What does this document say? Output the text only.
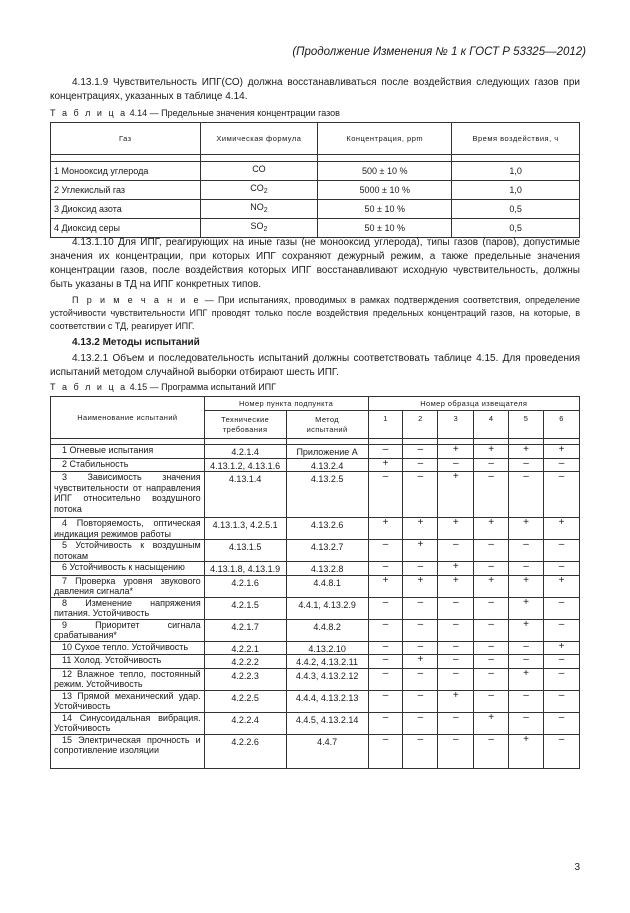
(Продолжение Изменения № 1 к ГОСТ Р 53325—2012)
4.13.1.9 Чувствительность ИПГ(СО) должна восстанавливаться после воздействия следующих газов при концентрациях, указанных в таблице 4.14.
Т а б л и ц а 4.14 — Предельные значения концентрации газов
Газ	Химическая формула	Концентрация, ppm	Время воздействия, ч

1 Монооксид углерода	CO	500 ± 10 %	1,0
2 Углекислый газ	$CO_2$	5000 ± 10 %	1,0
3 Диоксид азота	$NO_2$	50 ± 10 %	0,5
4 Диоксид серы	$SO_2$	50 ± 10 %	0,5
4.13.1.10 Для ИПГ, реагирующих на иные газы (не монооксид углерода), типы газов (паров), допустимые значения их концентрации, при которых ИПГ сохраняют дежурный режим, а также предельные значения концентрации газов, после воздействия которых ИПГ восстанавливают исходную чувствительность, должны быть указаны в ТД на ИПГ конкретных типов.
П р и м е ч а н и е — При испытаниях, проводимых в рамках подтверждения соответствия, определение устойчивости чувствительности ИПГ проводят только после воздействия предельных концентраций газов, на которые, в соответствии с ТД, реагирует ИПГ.
4.13.2 Методы испытаний
4.13.2.1 Объем и последовательность испытаний должны соответствовать таблице 4.15. Для проведения испытаний методом случайной выборки отбирают шесть ИПГ.
Т а б л и ц а 4.15 — Программа испытаний ИПГ
Наименование испытаний	Номер пункта подпункта		Номер образца извещателя					
	Технические требования	Метод испытаний	1	2	3	4	5	6

1 Огневые испытания	4.2.1.4	Приложение А	–	–	+	+	+	+
2 Стабильность	4.13.1.2, 4.13.1.6	4.13.2.4	+	–	–	–	–	–
3 Зависимость значения чувствительности от направления ИПГ относительно воздушного потока	4.13.1.4	4.13.2.5	–	–	+	–	–	–
4 Повторяемость, оптическая индикация режимов работы	4.13.1.3, 4.2.5.1	4.13.2.6	+	+	+	+	+	+
5 Устойчивость к воздушным потокам	4.13.1.5	4.13.2.7	–	+	–	–	–	–
6 Устойчивость к насыщению	4.13.1.8, 4.13.1.9	4.13.2.8	–	–	+	–	–	–
7 Проверка уровня звукового давления сигнала*	4.2.1.6	4.4.8.1	+	+	+	+	+	+
8 Изменение напряжения питания. Устойчивость	4.2.1.5	4.4.1, 4.13.2.9	–	–	–	–	+	–
9 Приоритет сигнала срабатывания*	4.2.1.7	4.4.8.2	–	–	–	–	+	–
10 Сухое тепло. Устойчивость	4.2.2.1	4.13.2.10	–	–	–	–	–	+
11 Холод. Устойчивость	4.2.2.2	4.4.2, 4.13.2.11	–	+	–	–	–	–
12 Влажное тепло, постоянный режим. Устойчивость	4.2.2.3	4.4.3, 4.13.2.12	–	–	–	–	+	–
13 Прямой механический удар. Устойчивость	4.2.2.5	4.4.4, 4.13.2.13	–	–	+	–	–	–
14 Синусоидальная вибрация. Устойчивость	4.2.2.4	4.4.5, 4.13.2.14	–	–	–	+	–	–
15 Электрическая прочность и сопротивление изоляции	4.2.2.6	4.4.7	–	–	–	–	+	–
3
